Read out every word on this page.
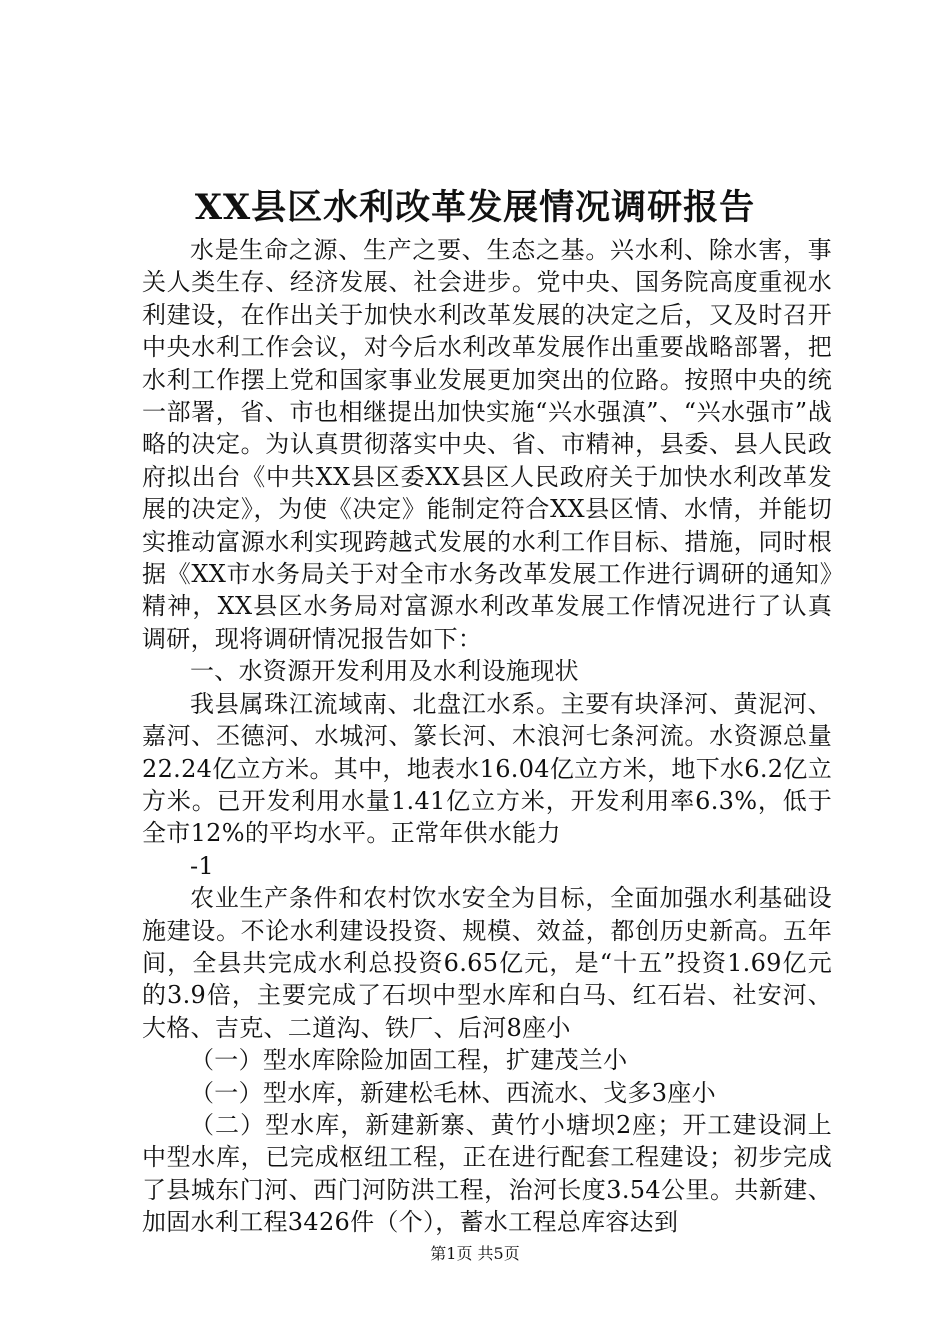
XX县区水利改革发展情况调研报告

水是生命之源、生产之要、生态之基。兴水利、除水害，事关人类生存、经济发展、社会进步。党中央、国务院高度重视水利建设，在作出关于加快水利改革发展的决定之后，又及时召开中央水利工作会议，对今后水利改革发展作出重要战略部署，把水利工作摆上党和国家事业发展更加突出的位路。按照中央的统一部署，省、市也相继提出加快实施“兴水强滇”、“兴水强市”战略的决定。为认真贯彻落实中央、省、市精神，县委、县人民政府拟出台《中共XX县区委XX县区人民政府关于加快水利改革发展的决定》，为使《决定》能制定符合XX县区情、水情，并能切实推动富源水利实现跨越式发展的水利工作目标、措施，同时根据《XX市水务局关于对全市水务改革发展工作进行调研的通知》精神，XX县区水务局对富源水利改革发展工作情况进行了认真调研，现将调研情况报告如下：

一、水资源开发利用及水利设施现状

我县属珠江流域南、北盘江水系。主要有块泽河、黄泥河、嘉河、丕德河、水城河、篆长河、木浪河七条河流。水资源总量22.24亿立方米。其中，地表水16.04亿立方米，地下水6.2亿立方米。已开发利用水量1.41亿立方米，开发利用率6.3%，低于全市12%的平均水平。正常年供水能力

-1

农业生产条件和农村饮水安全为目标，全面加强水利基础设施建设。不论水利建设投资、规模、效益，都创历史新高。五年间，全县共完成水利总投资6.65亿元，是“十五”投资1.69亿元的3.9倍，主要完成了石坝中型水库和白马、红石岩、社安河、大格、吉克、二道沟、铁厂、后河8座小

（一）型水库除险加固工程，扩建茂兰小

（一）型水库，新建松毛林、西流水、戈多3座小

（二）型水库，新建新寨、黄竹小塘坝2座；开工建设洞上中型水库，已完成枢纽工程，正在进行配套工程建设；初步完成了县城东门河、西门河防洪工程，治河长度3.54公里。共新建、加固水利工程3426件（个），蓄水工程总库容达到

第1页 共5页
